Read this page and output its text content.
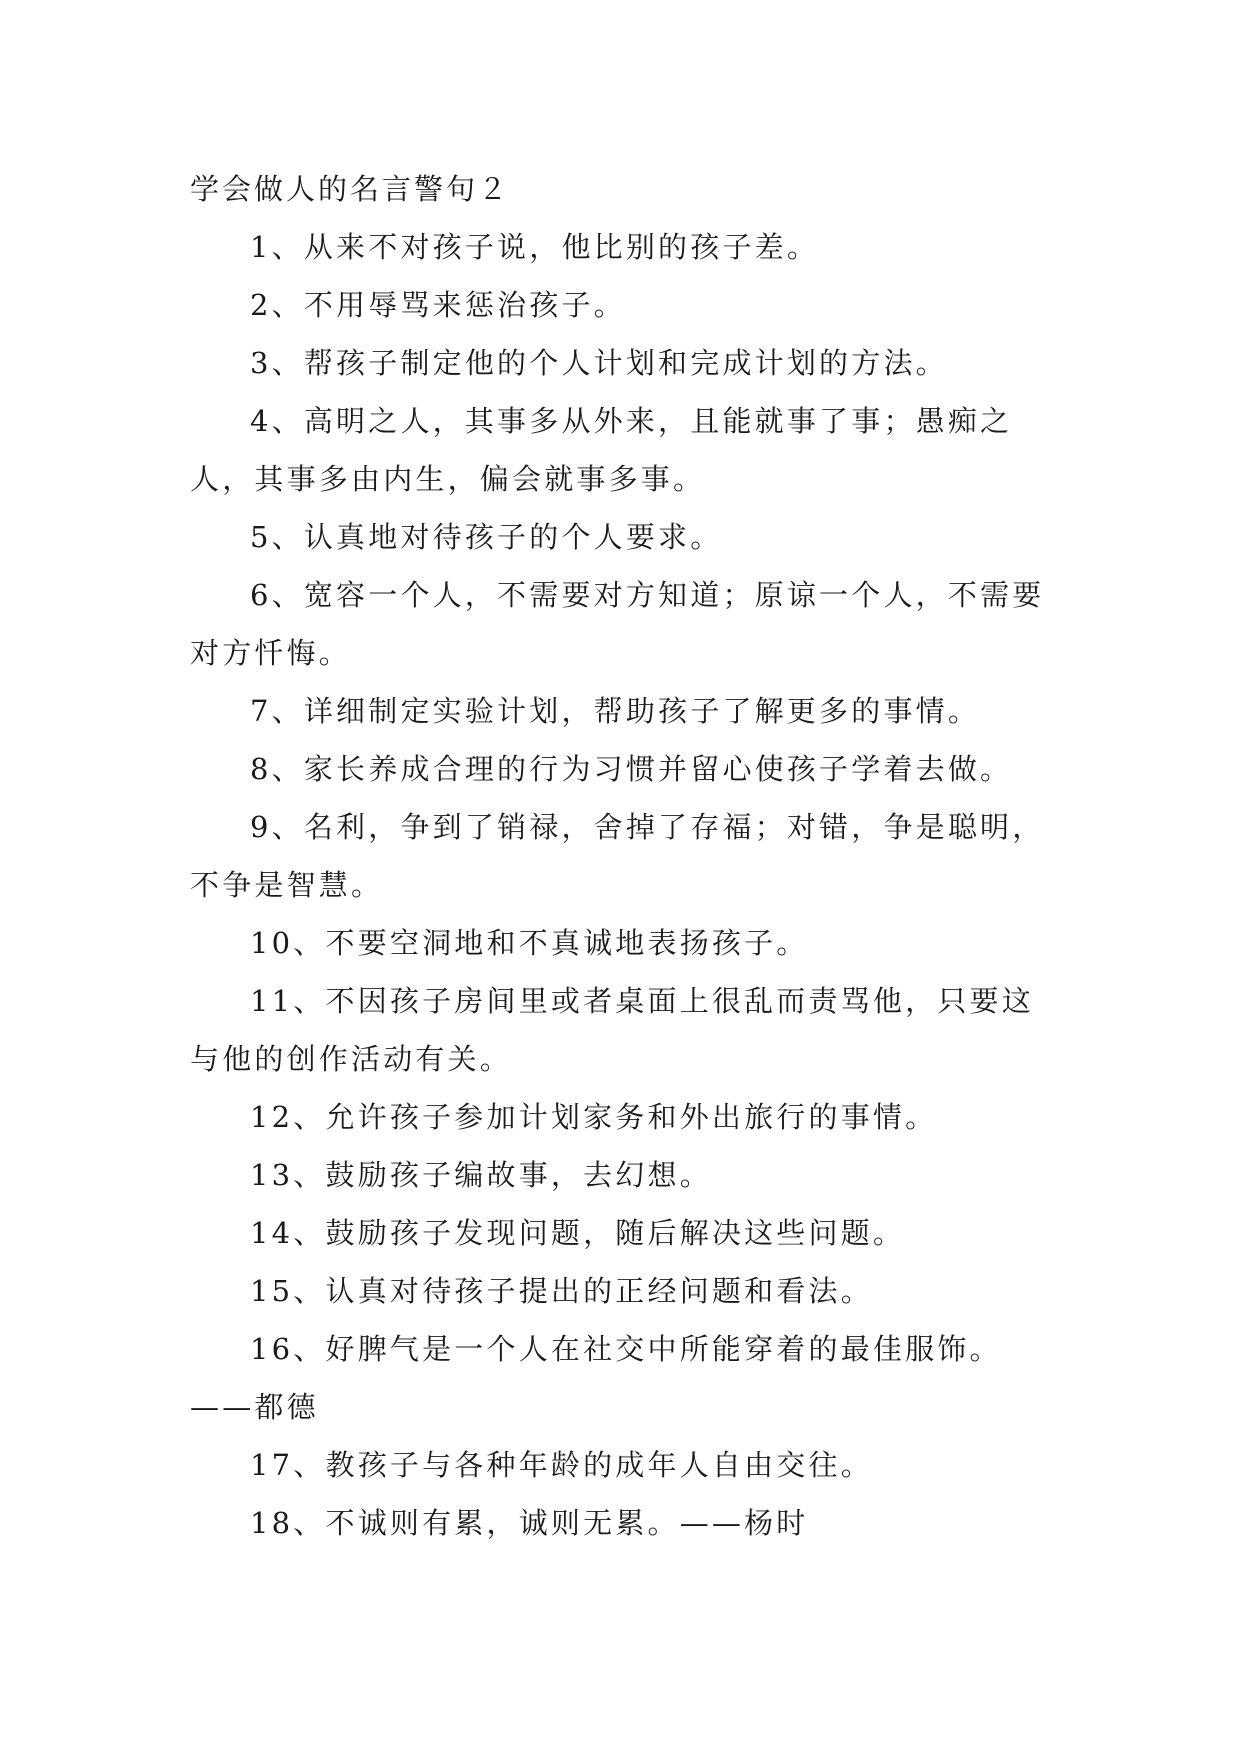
学会做人的名言警句２

1、从来不对孩子说，他比别的孩子差。

2、不用辱骂来惩治孩子。

3、帮孩子制定他的个人计划和完成计划的方法。

4、高明之人，其事多从外来，且能就事了事；愚痴之人，其事多由内生，偏会就事多事。

5、认真地对待孩子的个人要求。

6、宽容一个人，不需要对方知道；原谅一个人，不需要对方忏悔。

7、详细制定实验计划，帮助孩子了解更多的事情。

8、家长养成合理的行为习惯并留心使孩子学着去做。

9、名利，争到了销禄，舍掉了存福；对错，争是聪明，不争是智慧。

10、不要空洞地和不真诚地表扬孩子。

11、不因孩子房间里或者桌面上很乱而责骂他，只要这与他的创作活动有关。

12、允许孩子参加计划家务和外出旅行的事情。

13、鼓励孩子编故事，去幻想。

14、鼓励孩子发现问题，随后解决这些问题。

15、认真对待孩子提出的正经问题和看法。

16、好脾气是一个人在社交中所能穿着的最佳服饰。——都德

17、教孩子与各种年龄的成年人自由交往。

18、不诚则有累，诚则无累。——杨时
